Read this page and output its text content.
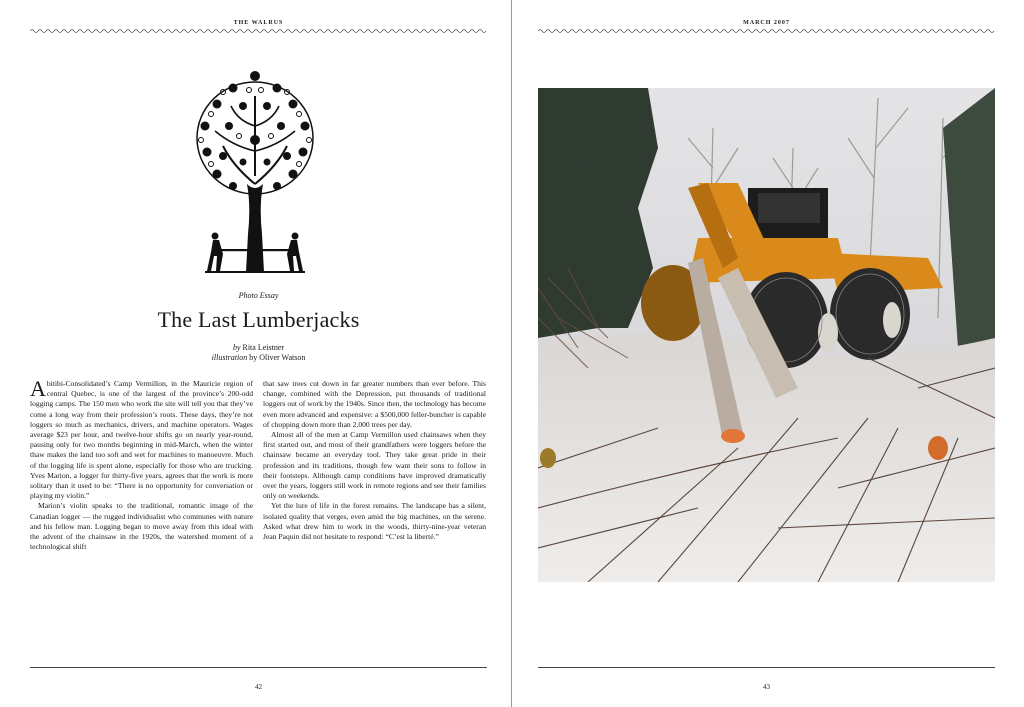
THE WALRUS
Photo Essay
The Last Lumberjacks
by Rita Leistner
illustration by Oliver Watson

Abitibi-Consolidated’s Camp Vermillon, in the Mauricie region of central Quebec, is one of the largest of the province’s 200-odd logging camps. The 150 men who work the site will tell you that they’ve come a long way from their profession’s roots. These days, they’re not loggers so much as mechanics, drivers, and machine operators. Wages average $23 per hour, and twelve-hour shifts go on nearly year-round, pausing only for two months beginning in mid-March, when the winter thaw makes the land too soft and wet for machines to manoeuvre. Much of the logging life is spent alone, especially for those who are trucking. Yves Marion, a logger for thirty-five years, agrees that the work is more solitary than it used to be: “There is no opportunity for conversation or playing my violin.”

Marion’s violin speaks to the traditional, romantic image of the Canadian logger — the rugged individualist who communes with nature and his fellow man. Logging began to move away from this ideal with the advent of the chainsaw in the 1920s, the watershed moment of a technological shift

that saw trees cut down in far greater numbers than ever before. This change, combined with the Depression, put thousands of traditional loggers out of work by the 1940s. Since then, the technology has become even more advanced and expensive: a $500,000 feller-buncher is capable of chopping down more than 2,000 trees per day.

Almost all of the men at Camp Vermillon used chainsaws when they first started out, and most of their grandfathers were loggers before the chainsaw became an everyday tool. They take great pride in their profession and its traditions, though few want their sons to follow in their footsteps. Although camp conditions have improved dramatically over the years, loggers still work in remote regions and see their families only on weekends.

Yet the lure of life in the forest remains. The landscape has a silent, isolated quality that verges, even amid the big machines, on the serene. Asked what drew him to work in the woods, thirty-nine-year veteran Jean Paquin did not hesitate to respond: “C’est la liberté.”

42
MARCH 2007
43
